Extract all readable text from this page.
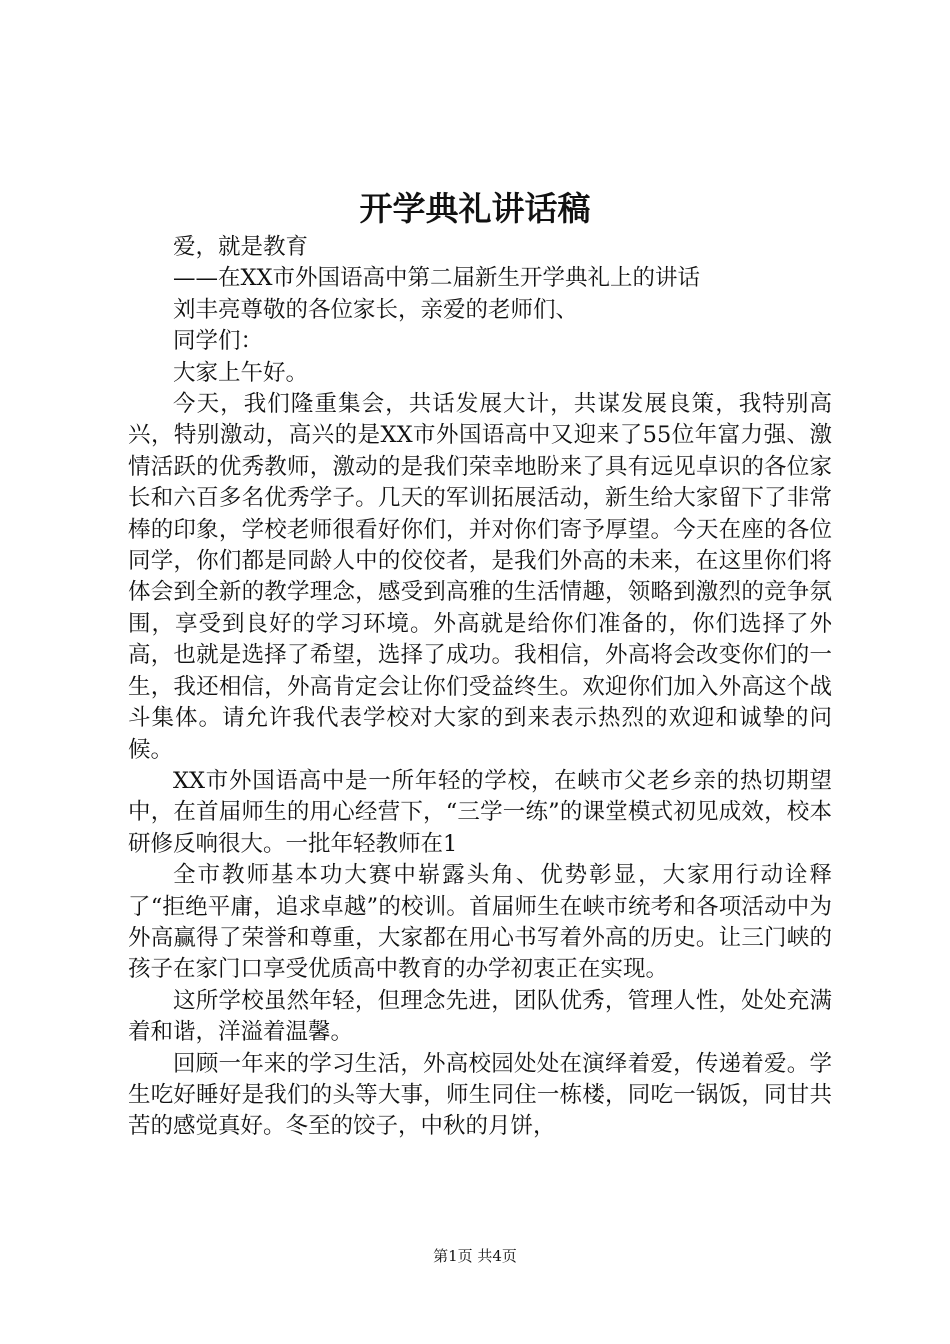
开学典礼讲话稿

爱，就是教育

——在XX市外国语高中第二届新生开学典礼上的讲话

刘丰亮尊敬的各位家长，亲爱的老师们、

同学们：

大家上午好。

今天，我们隆重集会，共话发展大计，共谋发展良策，我特别高兴，特别激动，高兴的是XX市外国语高中又迎来了55位年富力强、激情活跃的优秀教师，激动的是我们荣幸地盼来了具有远见卓识的各位家长和六百多名优秀学子。几天的军训拓展活动，新生给大家留下了非常棒的印象，学校老师很看好你们，并对你们寄予厚望。今天在座的各位同学，你们都是同龄人中的佼佼者，是我们外高的未来，在这里你们将体会到全新的教学理念，感受到高雅的生活情趣，领略到激烈的竞争氛围，享受到良好的学习环境。外高就是给你们准备的，你们选择了外高，也就是选择了希望，选择了成功。我相信，外高将会改变你们的一生，我还相信，外高肯定会让你们受益终生。欢迎你们加入外高这个战斗集体。请允许我代表学校对大家的到来表示热烈的欢迎和诚挚的问候。

XX市外国语高中是一所年轻的学校，在峡市父老乡亲的热切期望中，在首届师生的用心经营下，“三学一练”的课堂模式初见成效，校本研修反响很大。一批年轻教师在1

全市教师基本功大赛中崭露头角、优势彰显，大家用行动诠释了“拒绝平庸，追求卓越”的校训。首届师生在峡市统考和各项活动中为外高赢得了荣誉和尊重，大家都在用心书写着外高的历史。让三门峡的孩子在家门口享受优质高中教育的办学初衷正在实现。

这所学校虽然年轻，但理念先进，团队优秀，管理人性，处处充满着和谐，洋溢着温馨。

回顾一年来的学习生活，外高校园处处在演绎着爱，传递着爱。学生吃好睡好是我们的头等大事，师生同住一栋楼，同吃一锅饭，同甘共苦的感觉真好。冬至的饺子，中秋的月饼，

第1页 共4页
